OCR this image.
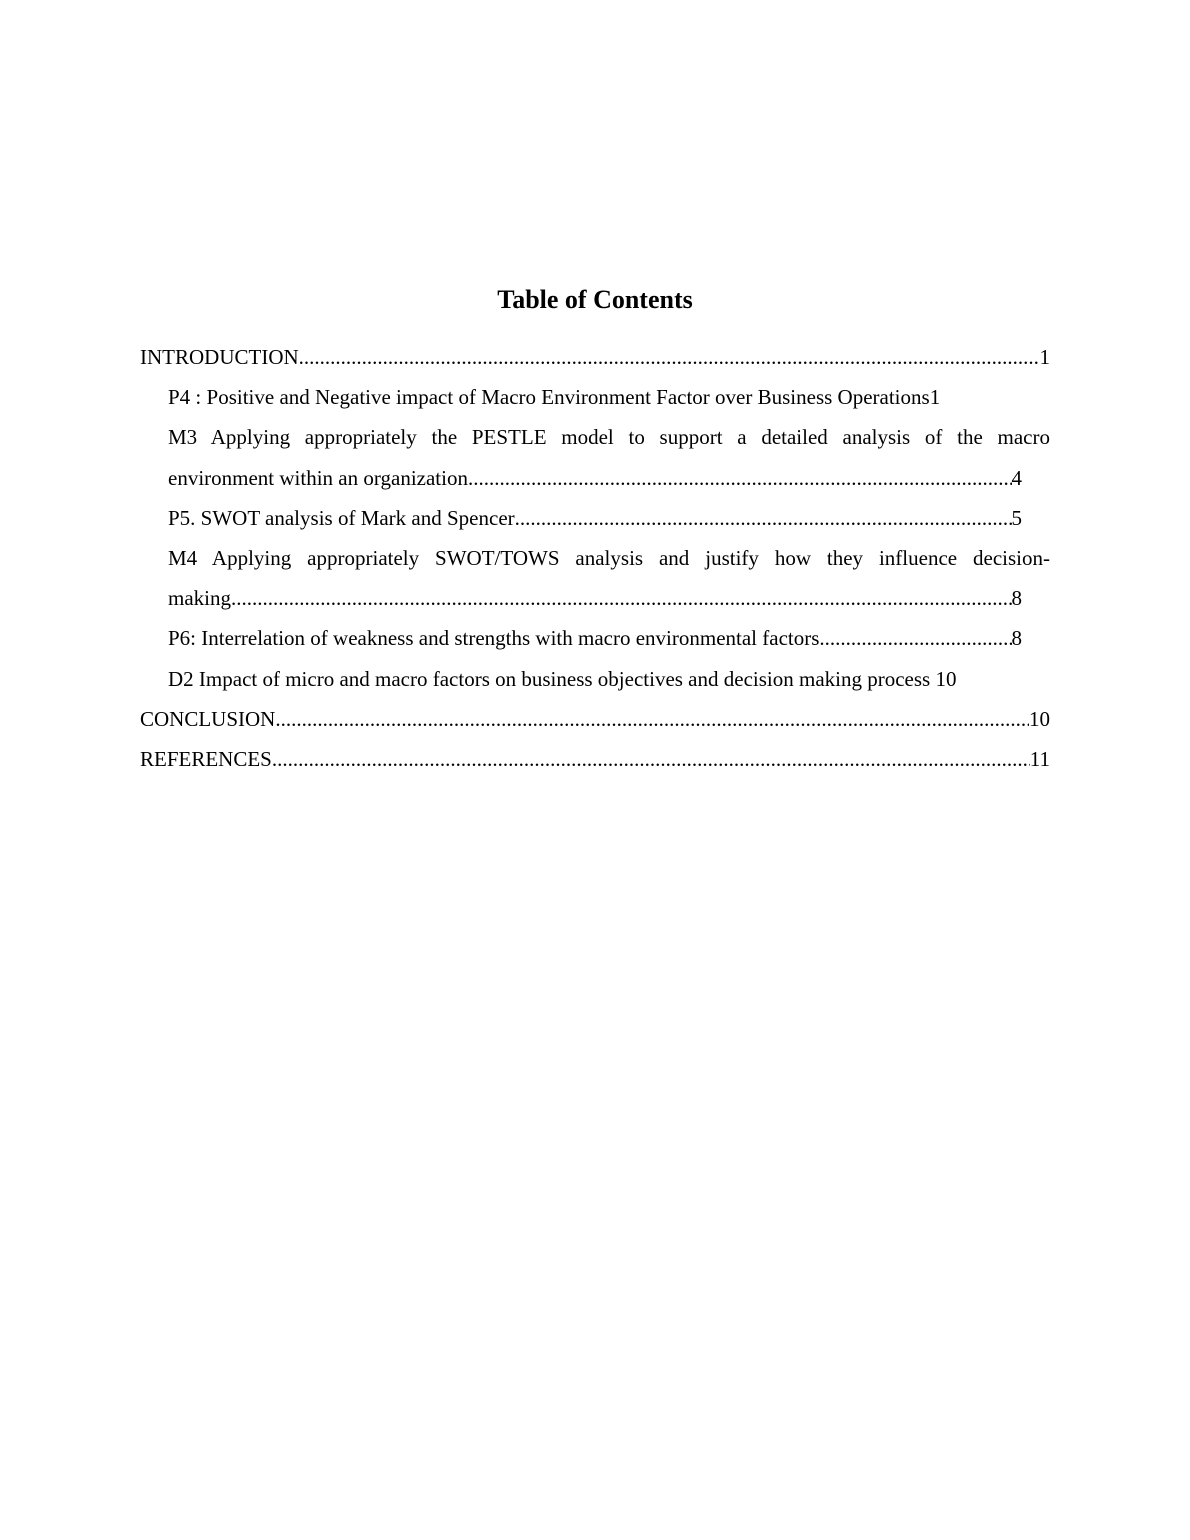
Table of Contents
INTRODUCTION .....	1
P4 : Positive and Negative impact of Macro Environment Factor over Business Operations1
M3 Applying appropriately the PESTLE model to support a detailed analysis of the macro
environment within an organization .....	4
P5. SWOT analysis of Mark and Spencer .....	5
M4 Applying appropriately SWOT/TOWS analysis and justify how they influence decision-
making .....	8
P6: Interrelation of weakness and strengths with macro environmental factors .....	8
D2 Impact of micro and macro factors on business objectives and decision making process 10
CONCLUSION .....	10
REFERENCES .....	11
